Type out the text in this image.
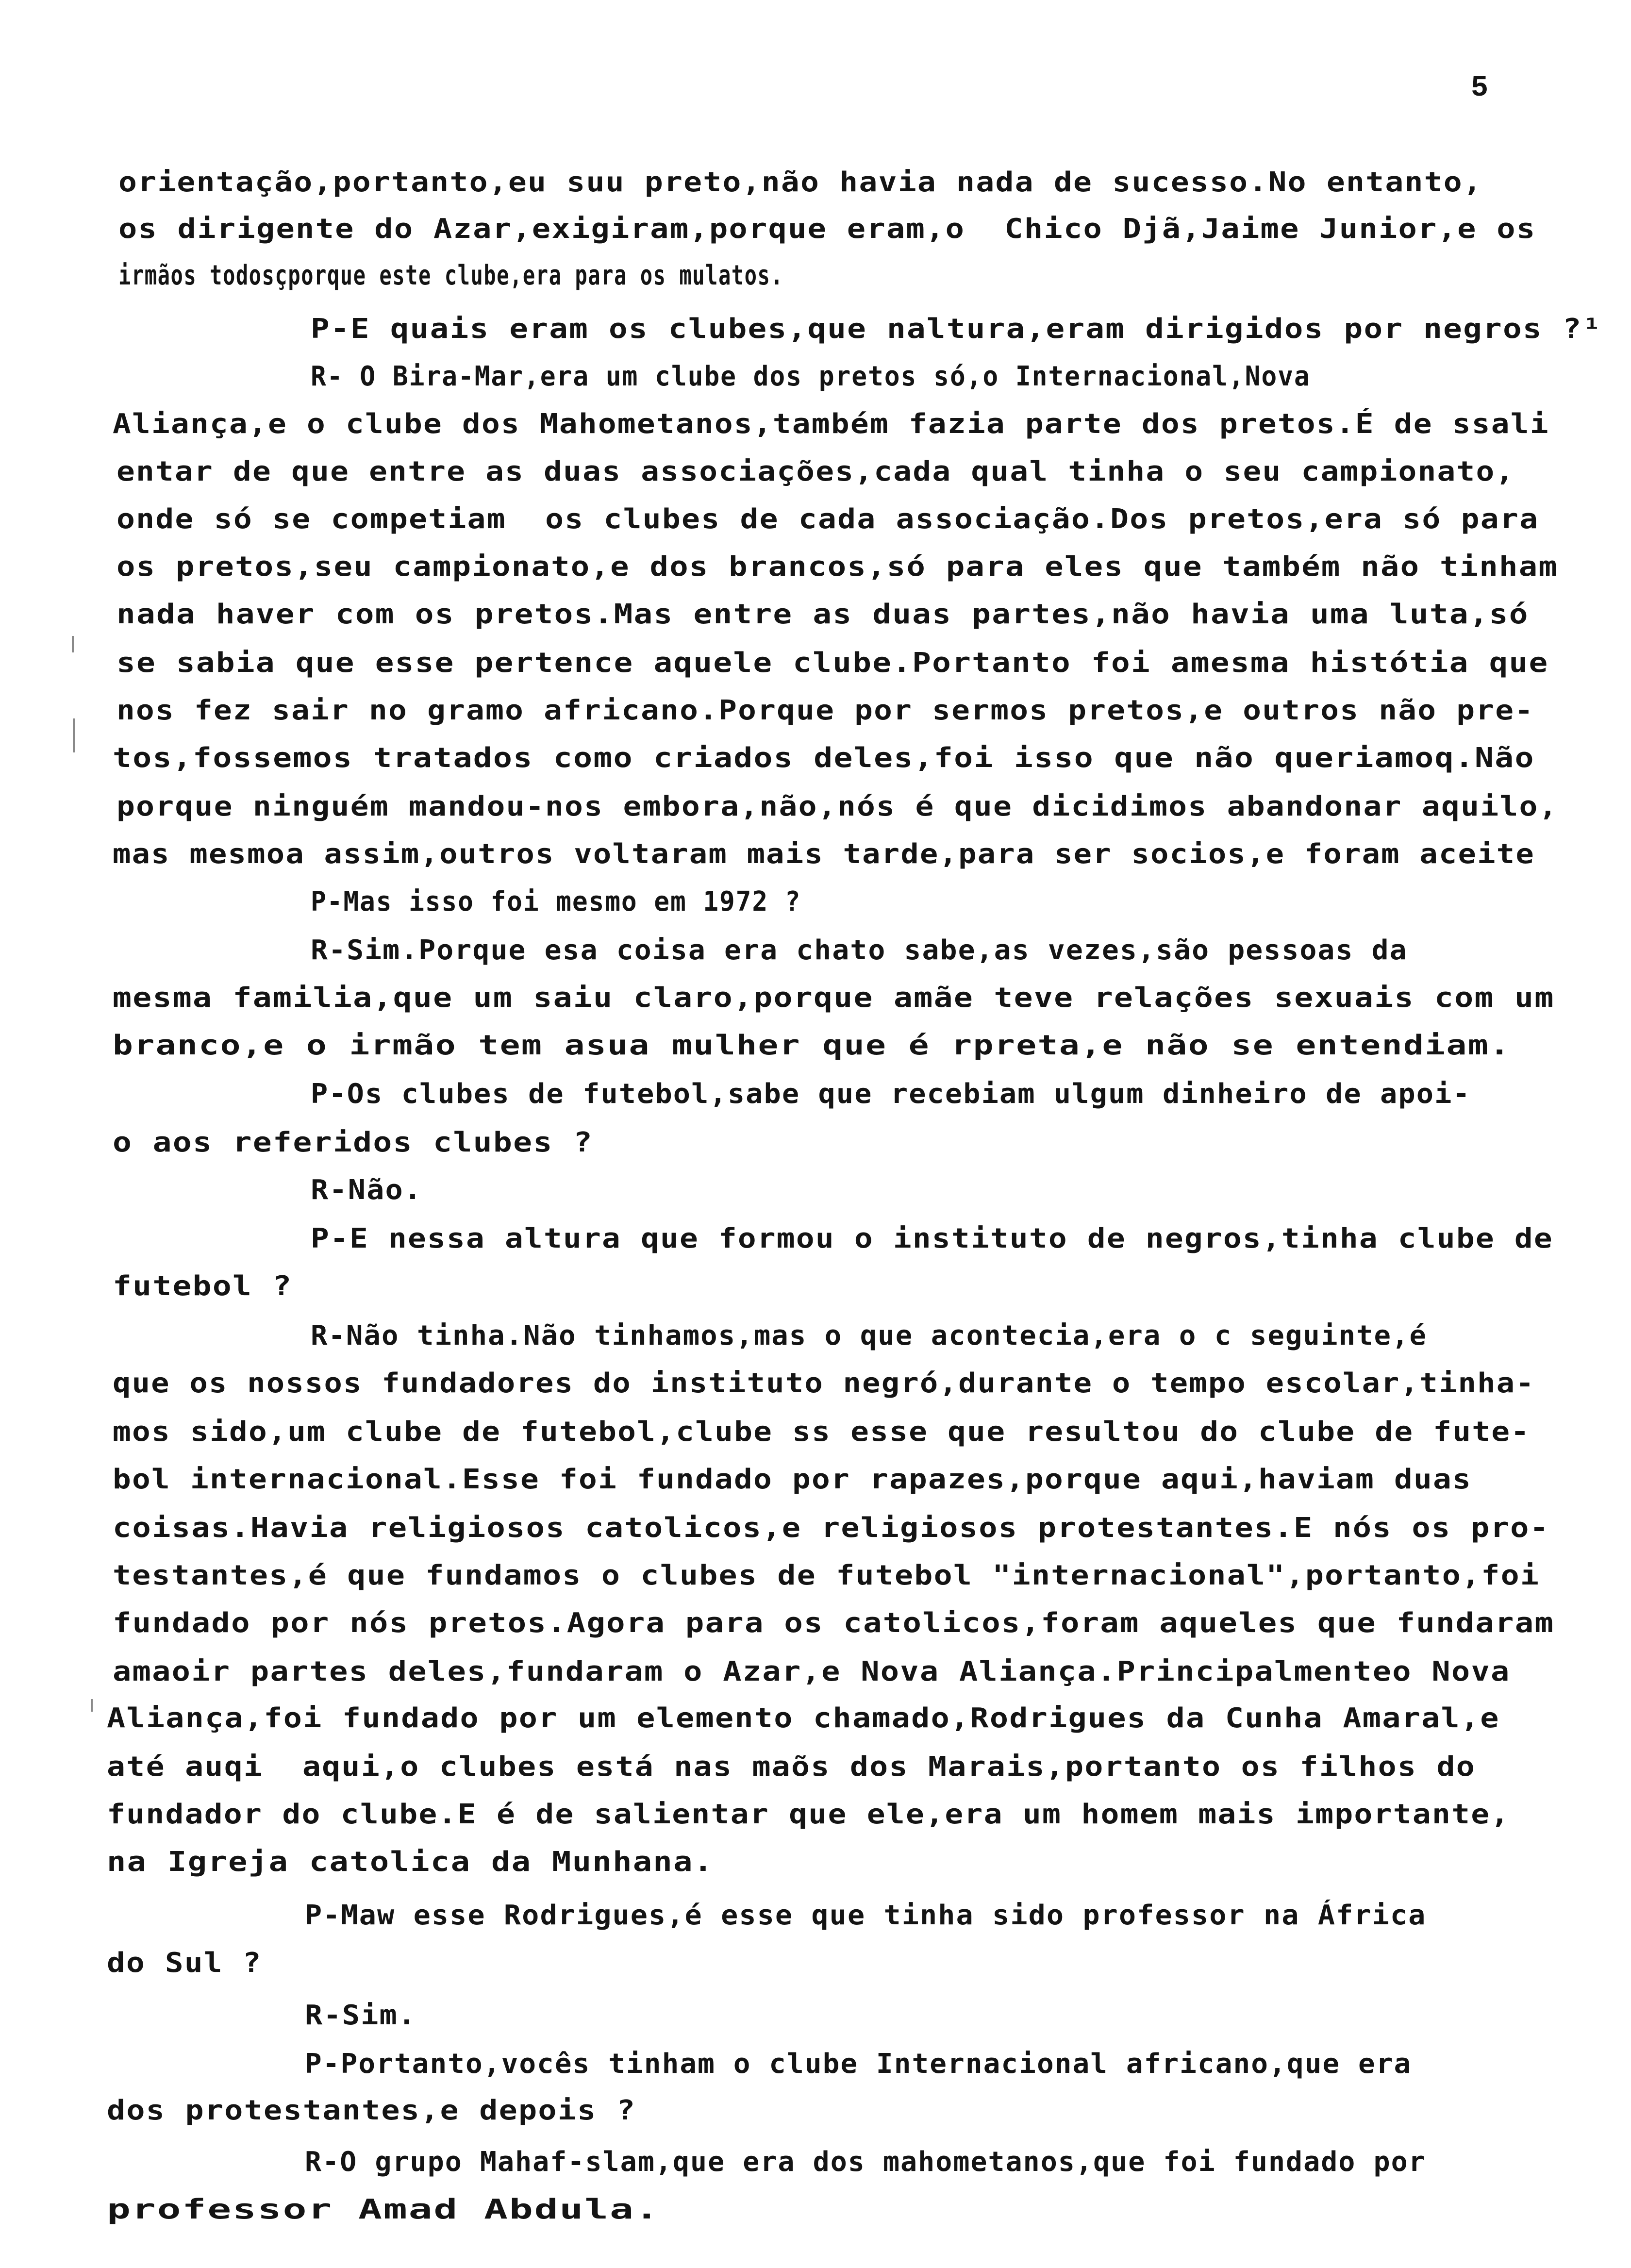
5
orientação,portanto,eu suu preto,não havia nada de sucesso.No entanto,
os dirigente do Azar,exigiram,porque eram,o  Chico Djã,Jaime Junior,e os
irmãos todosçporque este clube,era para os mulatos.
P-E quais eram os clubes,que naltura,eram dirigidos por negros ?¹
R- O Bira-Mar,era um clube dos pretos só,o Internacional,Nova
Aliança,e o clube dos Mahometanos,também fazia parte dos pretos.É de ssali
entar de que entre as duas associações,cada qual tinha o seu campionato,
onde só se competiam  os clubes de cada associação.Dos pretos,era só para
os pretos,seu campionato,e dos brancos,só para eles que também não tinham
nada haver com os pretos.Mas entre as duas partes,não havia uma luta,só
se sabia que esse pertence aquele clube.Portanto foi amesma histótia que
nos fez sair no gramo africano.Porque por sermos pretos,e outros não pre-
tos,fossemos tratados como criados deles,foi isso que não queriamoq.Não
porque ninguém mandou-nos embora,não,nós é que dicidimos abandonar aquilo,
mas mesmoa assim,outros voltaram mais tarde,para ser socios,e foram aceite
P-Mas isso foi mesmo em 1972 ?
R-Sim.Porque esa coisa era chato sabe,as vezes,são pessoas da
mesma familia,que um saiu claro,porque amãe teve relações sexuais com um
branco,e o irmão tem asua mulher que é rpreta,e não se entendiam.
P-Os clubes de futebol,sabe que recebiam ulgum dinheiro de apoi-
o aos referidos clubes ?
R-Não.
P-E nessa altura que formou o instituto de negros,tinha clube de
futebol ?
R-Não tinha.Não tinhamos,mas o que acontecia,era o c seguinte,é
que os nossos fundadores do instituto negró,durante o tempo escolar,tinha-
mos sido,um clube de futebol,clube ss esse que resultou do clube de fute-
bol internacional.Esse foi fundado por rapazes,porque aqui,haviam duas
coisas.Havia religiosos catolicos,e religiosos protestantes.E nós os pro-
testantes,é que fundamos o clubes de futebol "internacional",portanto,foi
fundado por nós pretos.Agora para os catolicos,foram aqueles que fundaram
amaoir partes deles,fundaram o Azar,e Nova Aliança.Principalmenteo Nova
Aliança,foi fundado por um elemento chamado,Rodrigues da Cunha Amaral,e
até auqi  aqui,o clubes está nas maõs dos Marais,portanto os filhos do
fundador do clube.E é de salientar que ele,era um homem mais importante,
na Igreja catolica da Munhana.
P-Maw esse Rodrigues,é esse que tinha sido professor na África
do Sul ?
R-Sim.
P-Portanto,vocês tinham o clube Internacional africano,que era
dos protestantes,e depois ?
R-O grupo Mahaf-slam,que era dos mahometanos,que foi fundado por
professor Amad Abdula.
